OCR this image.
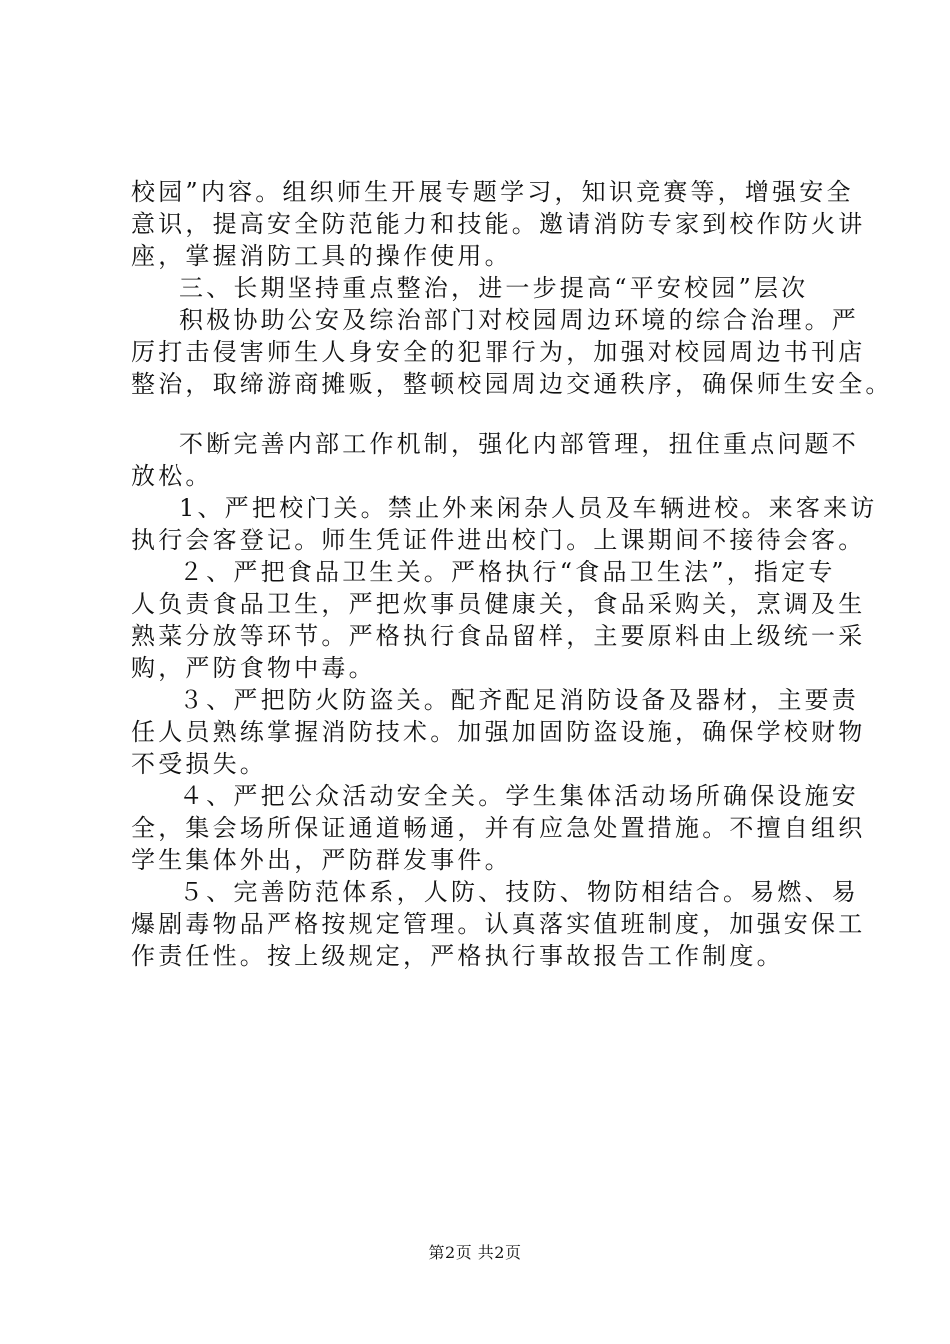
校园”内容。组织师生开展专题学习，知识竞赛等，增强安全
意识，提高安全防范能力和技能。邀请消防专家到校作防火讲
座，掌握消防工具的操作使用。
三、长期坚持重点整治，进一步提高“平安校园”层次
积极协助公安及综治部门对校园周边环境的综合治理。严
厉打击侵害师生人身安全的犯罪行为，加强对校园周边书刊店
整治，取缔游商摊贩，整顿校园周边交通秩序，确保师生安全。
不断完善内部工作机制，强化内部管理，扭住重点问题不
放松。
1、严把校门关。禁止外来闲杂人员及车辆进校。来客来访
执行会客登记。师生凭证件进出校门。上课期间不接待会客。
２、严把食品卫生关。严格执行“食品卫生法”，指定专
人负责食品卫生，严把炊事员健康关，食品采购关，烹调及生
熟菜分放等环节。严格执行食品留样，主要原料由上级统一采
购，严防食物中毒。
３、严把防火防盗关。配齐配足消防设备及器材，主要责
任人员熟练掌握消防技术。加强加固防盗设施，确保学校财物
不受损失。
４、严把公众活动安全关。学生集体活动场所确保设施安
全，集会场所保证通道畅通，并有应急处置措施。不擅自组织
学生集体外出，严防群发事件。
５、完善防范体系，人防、技防、物防相结合。易燃、易
爆剧毒物品严格按规定管理。认真落实值班制度，加强安保工
作责任性。按上级规定，严格执行事故报告工作制度。
第2页 共2页
